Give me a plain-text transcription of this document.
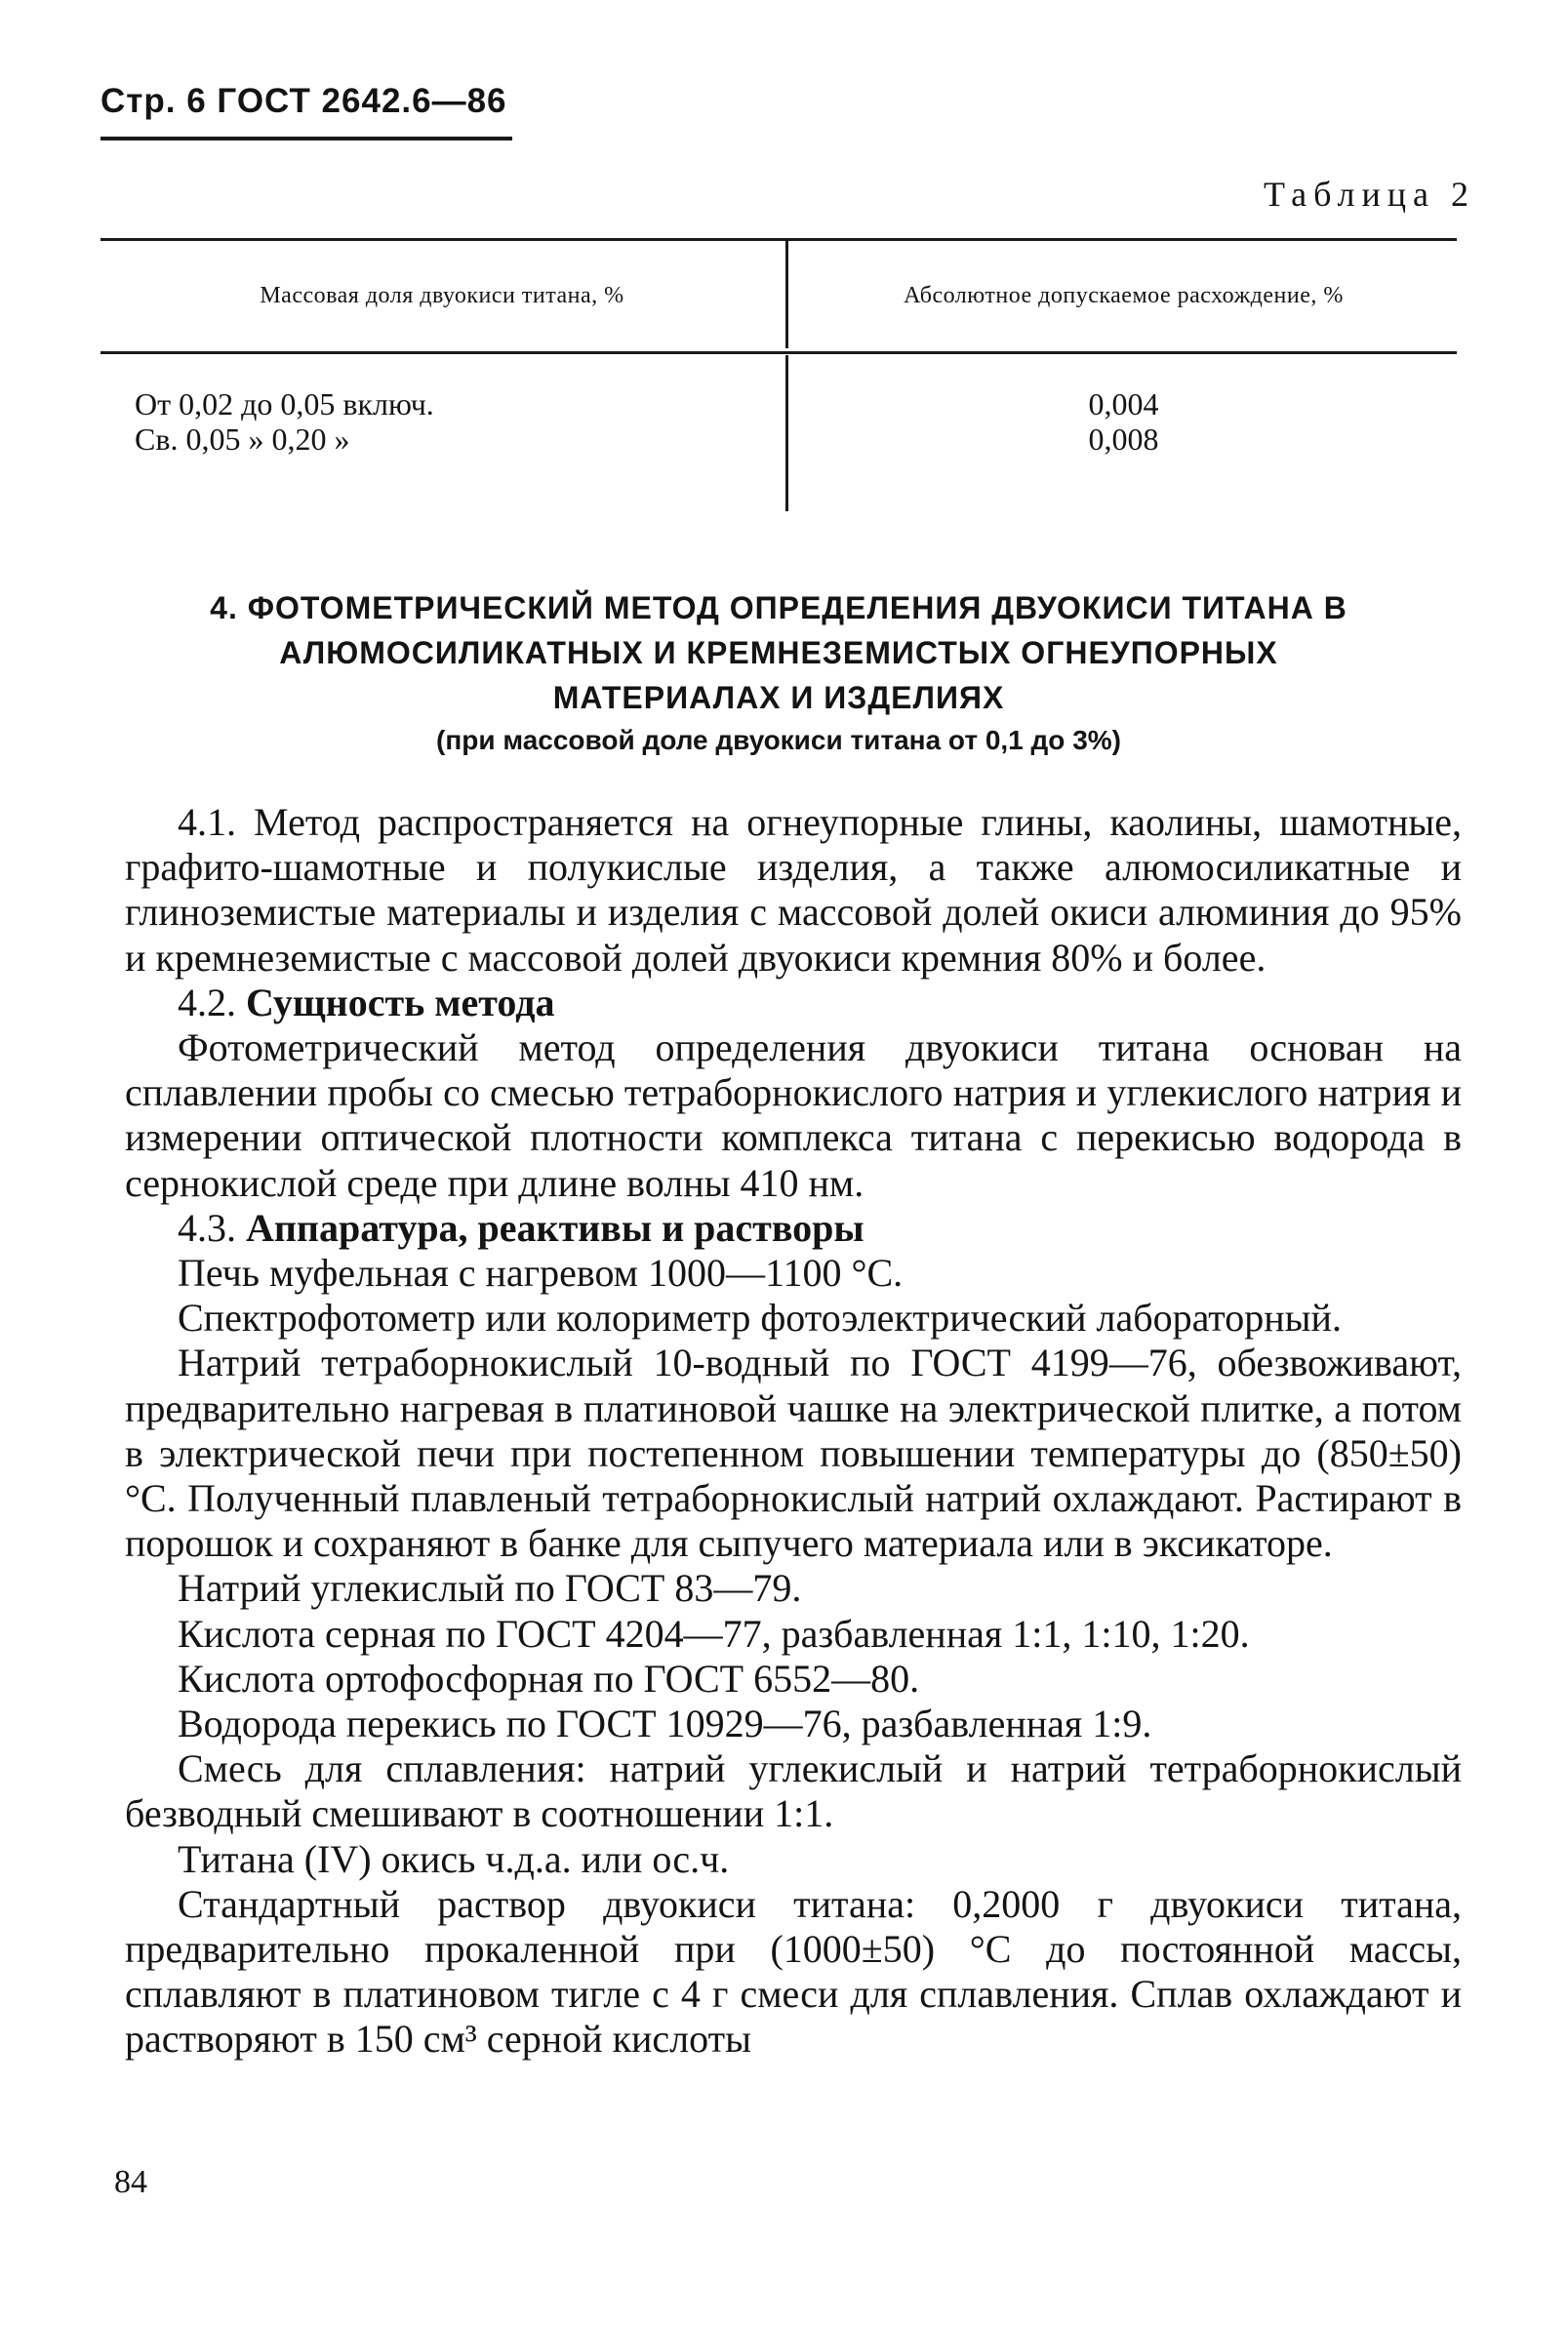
Стр. 6 ГОСТ 2642.6—86
Таблица 2
Массовая доля двуокиси титана, %	Абсолютное допускаемое расхождение, %
От 0,02 до 0,05 включ.	0,004
Св. 0,05 » 0,20 »	0,008
4. ФОТОМЕТРИЧЕСКИЙ МЕТОД ОПРЕДЕЛЕНИЯ ДВУОКИСИ ТИТАНА В
АЛЮМОСИЛИКАТНЫХ И КРЕМНЕЗЕМИСТЫХ ОГНЕУПОРНЫХ
МАТЕРИАЛАХ И ИЗДЕЛИЯХ
(при массовой доле двуокиси титана от 0,1 до 3%)

4.1. Метод распространяется на огнеупорные глины, каолины, шамотные, графито-шамотные и полукислые изделия, а также алюмосиликатные и глиноземистые материалы и изделия с массовой долей окиси алюминия до 95% и кремнеземистые с массовой долей двуокиси кремния 80% и более.

4.2. Сущность метода

Фотометрический метод определения двуокиси титана основан на сплавлении пробы со смесью тетраборнокислого натрия и углекислого натрия и измерении оптической плотности комплекса титана с перекисью водорода в сернокислой среде при длине волны 410 нм.

4.3. Аппаратура, реактивы и растворы

Печь муфельная с нагревом 1000—1100 °С.

Спектрофотометр или колориметр фотоэлектрический лабораторный.

Натрий тетраборнокислый 10-водный по ГОСТ 4199—76, обезвоживают, предварительно нагревая в платиновой чашке на электрической плитке, а потом в электрической печи при постепенном повышении температуры до (850±50) °С. Полученный плавленый тетраборнокислый натрий охлаждают. Растирают в порошок и сохраняют в банке для сыпучего материала или в эксикаторе.

Натрий углекислый по ГОСТ 83—79.

Кислота серная по ГОСТ 4204—77, разбавленная 1:1, 1:10, 1:20.

Кислота ортофосфорная по ГОСТ 6552—80.

Водорода перекись по ГОСТ 10929—76, разбавленная 1:9.

Смесь для сплавления: натрий углекислый и натрий тетраборнокислый безводный смешивают в соотношении 1:1.

Титана (IV) окись ч.д.а. или ос.ч.

Стандартный раствор двуокиси титана: 0,2000 г двуокиси титана, предварительно прокаленной при (1000±50) °С до постоянной массы, сплавляют в платиновом тигле с 4 г смеси для сплавления. Сплав охлаждают и растворяют в 150 см³ серной кислоты

84
